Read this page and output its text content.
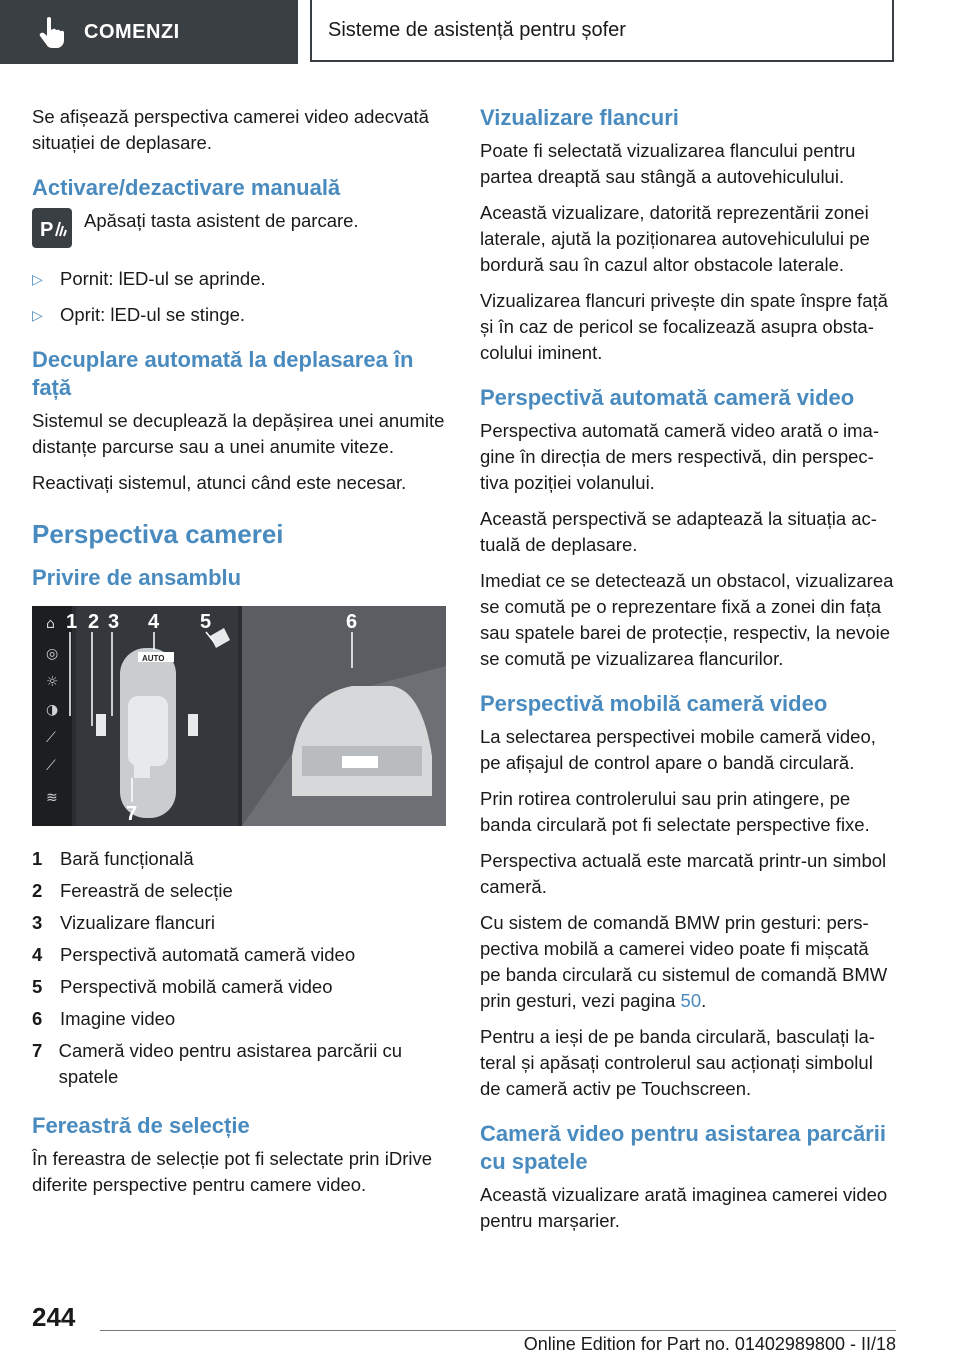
COMENZI	Sisteme de asistență pentru șofer

Se afișează perspectiva camerei video adecvată situației de deplasare.

Activare/dezactivare manuală
P Apăsați tasta asistent de parcare.
▷ Pornit: lED-ul se aprinde.
▷ Oprit: lED-ul se stinge.
Decuplare automată la deplasarea în față

Sistemul se decuplează la depășirea unei anumite distanțe parcurse sau a unei anumite viteze.

Reactivați sistemul, atunci când este necesar.

Perspectiva camerei
Privire de ansamblu
⌂
◎
☼
◑
⟋
⟋
≋
AUTO
1 2 3 4 5	6
7
1 Bară funcțională
2 Fereastră de selecție
3 Vizualizare flancuri
4 Perspectivă automată cameră video
5 Perspectivă mobilă cameră video
6 Imagine video
7 Cameră video pentru asistarea parcării cu spatele
Fereastră de selecție

În fereastra de selecție pot fi selectate prin iDrive diferite perspective pentru camere video.

Vizualizare flancuri

Poate fi selectată vizualizarea flancului pentru partea dreaptă sau stângă a autovehiculului.

Această vizualizare, datorită reprezentării zonei laterale, ajută la poziționarea autovehiculului pe bordură sau în cazul altor obstacole laterale.

Vizualizarea flancuri privește din spate înspre față și în caz de pericol se focalizează asupra obstacolului iminent.

Perspectivă automată cameră video

Perspectiva automată cameră video arată o imagine în direcția de mers respectivă, din perspectiva poziției volanului.

Această perspectivă se adaptează la situația actuală de deplasare.

Imediat ce se detectează un obstacol, vizualizarea se comută pe o reprezentare fixă a zonei din fața sau spatele barei de protecție, respectiv, la nevoie se comută pe vizualizarea flancurilor.

Perspectivă mobilă cameră video

La selectarea perspectivei mobile cameră video, pe afișajul de control apare o bandă circulară.

Prin rotirea controlerului sau prin atingere, pe banda circulară pot fi selectate perspective fixe.

Perspectiva actuală este marcată printr-un simbol cameră.

Cu sistem de comandă BMW prin gesturi: perspectiva mobilă a camerei video poate fi mișcată pe banda circulară cu sistemul de comandă BMW prin gesturi, vezi pagina 50.

Pentru a ieși de pe banda circulară, basculați lateral și apăsați controlerul sau acționați simbolul de cameră activ pe Touchscreen.

Cameră video pentru asistarea parcării cu spatele

Această vizualizare arată imaginea camerei video pentru marșarier.

244
Online Edition for Part no. 01402989800 - II/18
